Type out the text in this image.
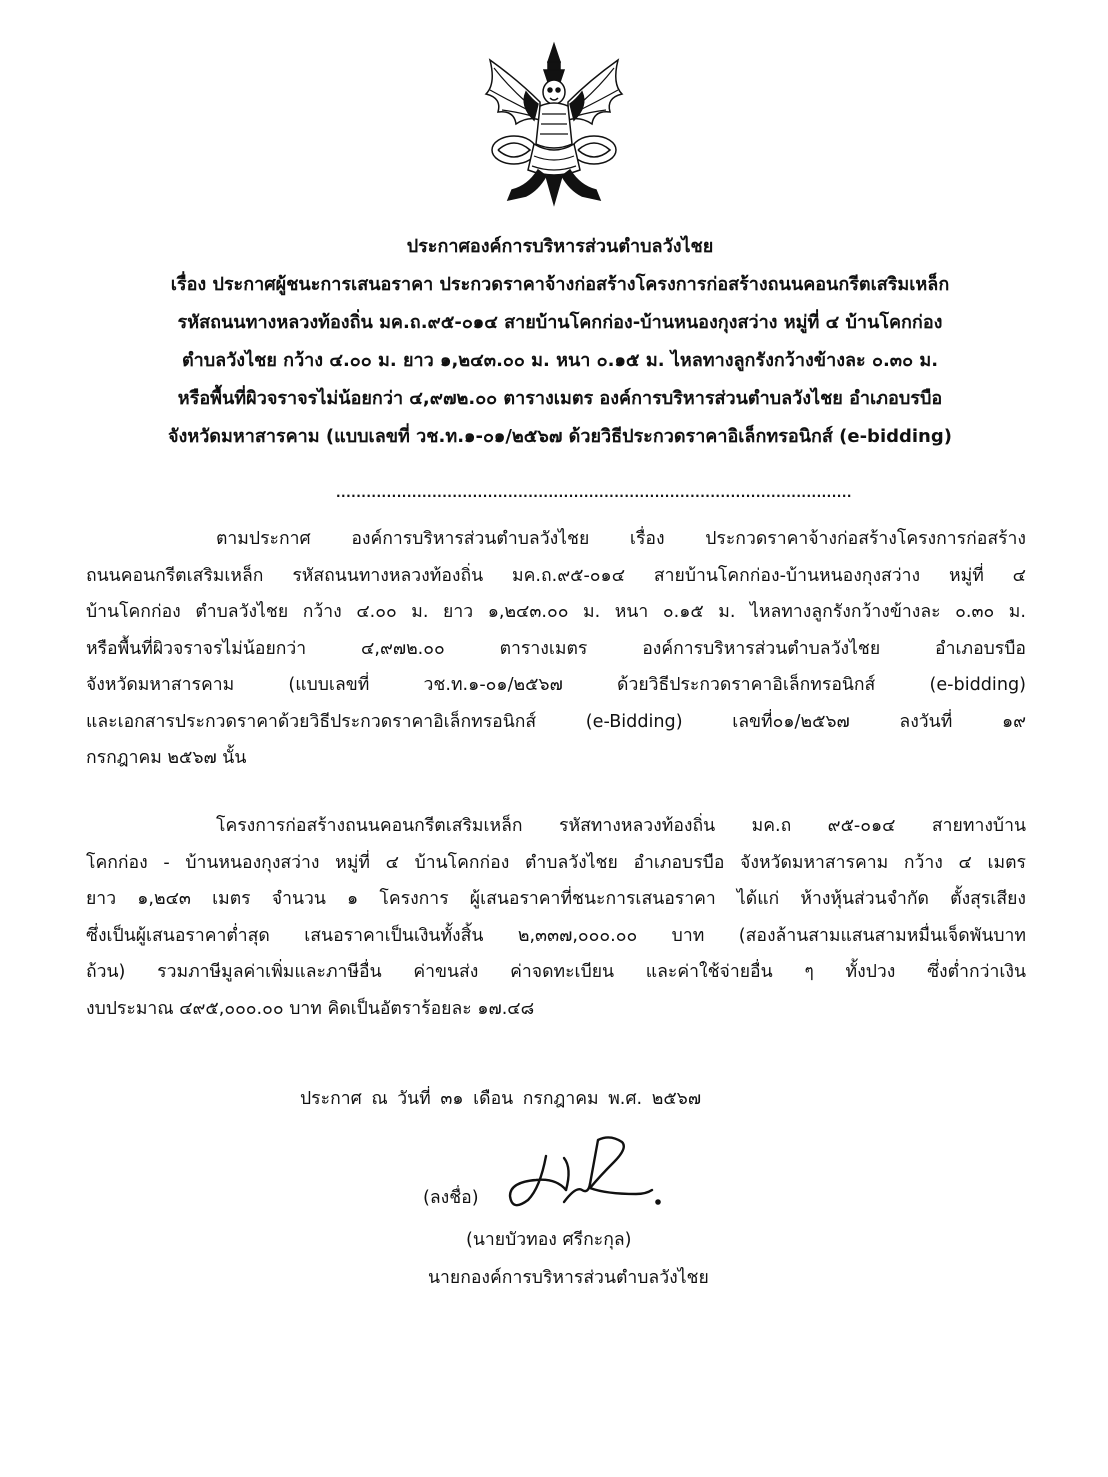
ประกาศองค์การบริหารส่วนตำบลวังไชย
เรื่อง ประกาศผู้ชนะการเสนอราคา ประกวดราคาจ้างก่อสร้างโครงการก่อสร้างถนนคอนกรีตเสริมเหล็ก
รหัสถนนทางหลวงท้องถิ่น มค.ถ.๙๕-๐๑๔ สายบ้านโคกก่อง-บ้านหนองกุงสว่าง หมู่ที่ ๔ บ้านโคกก่อง
ตำบลวังไชย กว้าง ๔.๐๐ ม. ยาว ๑,๒๔๓.๐๐ ม. หนา ๐.๑๕ ม. ไหลทางลูกรังกว้างข้างละ ๐.๓๐ ม.
หรือพื้นที่ผิวจราจรไม่น้อยกว่า ๔,๙๗๒.๐๐ ตารางเมตร องค์การบริหารส่วนตำบลวังไชย อำเภอบรบือ
จังหวัดมหาสารคาม (แบบเลขที่ วช.ท.๑-๐๑/๒๕๖๗ ด้วยวิธีประกวดราคาอิเล็กทรอนิกส์ (e-bidding)
......................................................................................................
ตามประกาศ องค์การบริหารส่วนตำบลวังไชย เรื่อง ประกวดราคาจ้างก่อสร้างโครงการก่อสร้าง
ถนนคอนกรีตเสริมเหล็ก รหัสถนนทางหลวงท้องถิ่น มค.ถ.๙๕-๐๑๔ สายบ้านโคกก่อง-บ้านหนองกุงสว่าง หมู่ที่ ๔
บ้านโคกก่อง ตำบลวังไชย กว้าง ๔.๐๐ ม. ยาว ๑,๒๔๓.๐๐ ม. หนา ๐.๑๕ ม. ไหลทางลูกรังกว้างข้างละ ๐.๓๐ ม.
หรือพื้นที่ผิวจราจรไม่น้อยกว่า ๔,๙๗๒.๐๐ ตารางเมตร องค์การบริหารส่วนตำบลวังไชย อำเภอบรบือ
จังหวัดมหาสารคาม (แบบเลขที่ วช.ท.๑-๐๑/๒๕๖๗ ด้วยวิธีประกวดราคาอิเล็กทรอนิกส์ (e-bidding)
และเอกสารประกวดราคาด้วยวิธีประกวดราคาอิเล็กทรอนิกส์ (e-Bidding) เลขที่๐๑/๒๕๖๗ ลงวันที่ ๑๙
กรกฎาคม ๒๕๖๗ นั้น
โครงการก่อสร้างถนนคอนกรีตเสริมเหล็ก รหัสทางหลวงท้องถิ่น มค.ถ ๙๕-๐๑๔ สายทางบ้าน
โคกก่อง - บ้านหนองกุงสว่าง หมู่ที่ ๔ บ้านโคกก่อง ตำบลวังไชย อำเภอบรบือ จังหวัดมหาสารคาม กว้าง ๔ เมตร
ยาว ๑,๒๔๓ เมตร จำนวน ๑ โครงการ ผู้เสนอราคาที่ชนะการเสนอราคา ได้แก่ ห้างหุ้นส่วนจำกัด ตั้งสุรเสียง
ซึ่งเป็นผู้เสนอราคาต่ำสุด เสนอราคาเป็นเงินทั้งสิ้น ๒,๓๓๗,๐๐๐.๐๐ บาท (สองล้านสามแสนสามหมื่นเจ็ดพันบาท
ถ้วน) รวมภาษีมูลค่าเพิ่มและภาษีอื่น ค่าขนส่ง ค่าจดทะเบียน และค่าใช้จ่ายอื่น ๆ ทั้งปวง ซึ่งต่ำกว่าเงิน
งบประมาณ ๔๙๕,๐๐๐.๐๐ บาท คิดเป็นอัตราร้อยละ ๑๗.๔๘
ประกาศ ณ วันที่ ๓๑ เดือน กรกฎาคม พ.ศ. ๒๕๖๗
(ลงชื่อ)
(นายบัวทอง ศรีกะกุล)
นายกองค์การบริหารส่วนตำบลวังไชย
